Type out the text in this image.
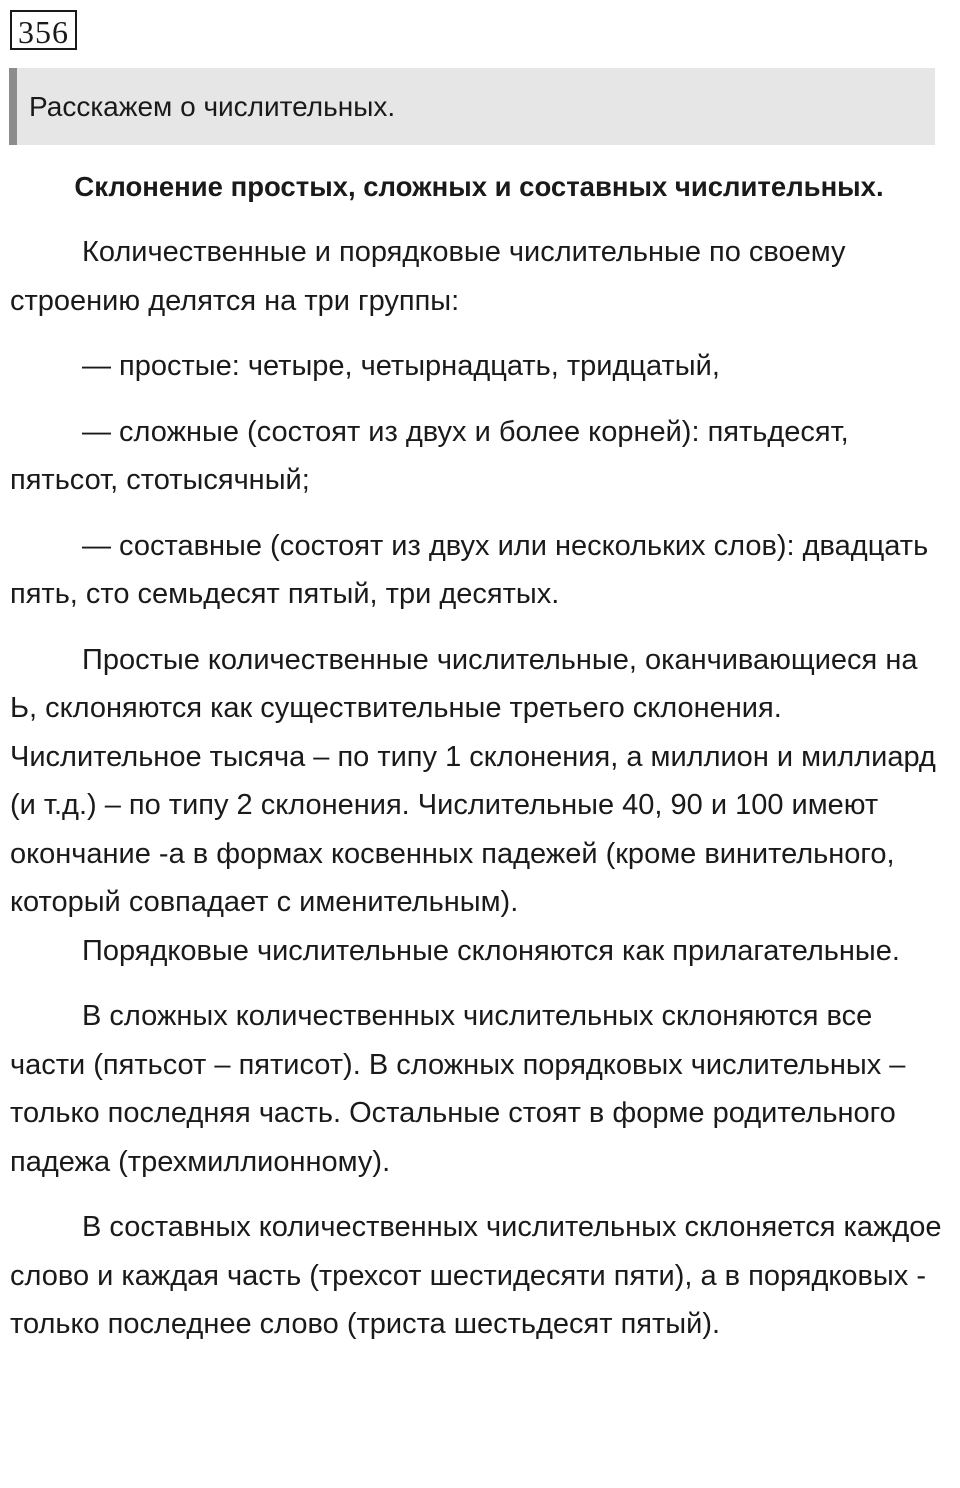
356
Расскажем о числительных.
Склонение простых, сложных и составных числительных.

Количественные и порядковые числительные по своему строению делятся на три группы:

— простые: четыре, четырнадцать, тридцатый,

— сложные (состоят из двух и более корней): пятьдесят, пятьсот, стотысячный;

— составные (состоят из двух или нескольких слов): двадцать пять, сто семьдесят пятый, три десятых.

Простые количественные числительные, оканчивающиеся на Ь, склоняются как существительные третьего склонения. Числительное тысяча – по типу 1 склонения, а миллион и миллиард (и т.д.) – по типу 2 склонения. Числительные 40, 90 и 100 имеют окончание -а в формах косвенных падежей (кроме винительного, который совпадает с именительным).

Порядковые числительные склоняются как прилагательные.

В сложных количественных числительных склоняются все части (пятьсот – пятисот). В сложных порядковых числительных – только последняя часть. Остальные стоят в форме родительного падежа (трехмиллионному).

В составных количественных числительных склоняется каждое слово и каждая часть (трехсот шестидесяти пяти), а в порядковых - только последнее слово (триста шестьдесят пятый).
